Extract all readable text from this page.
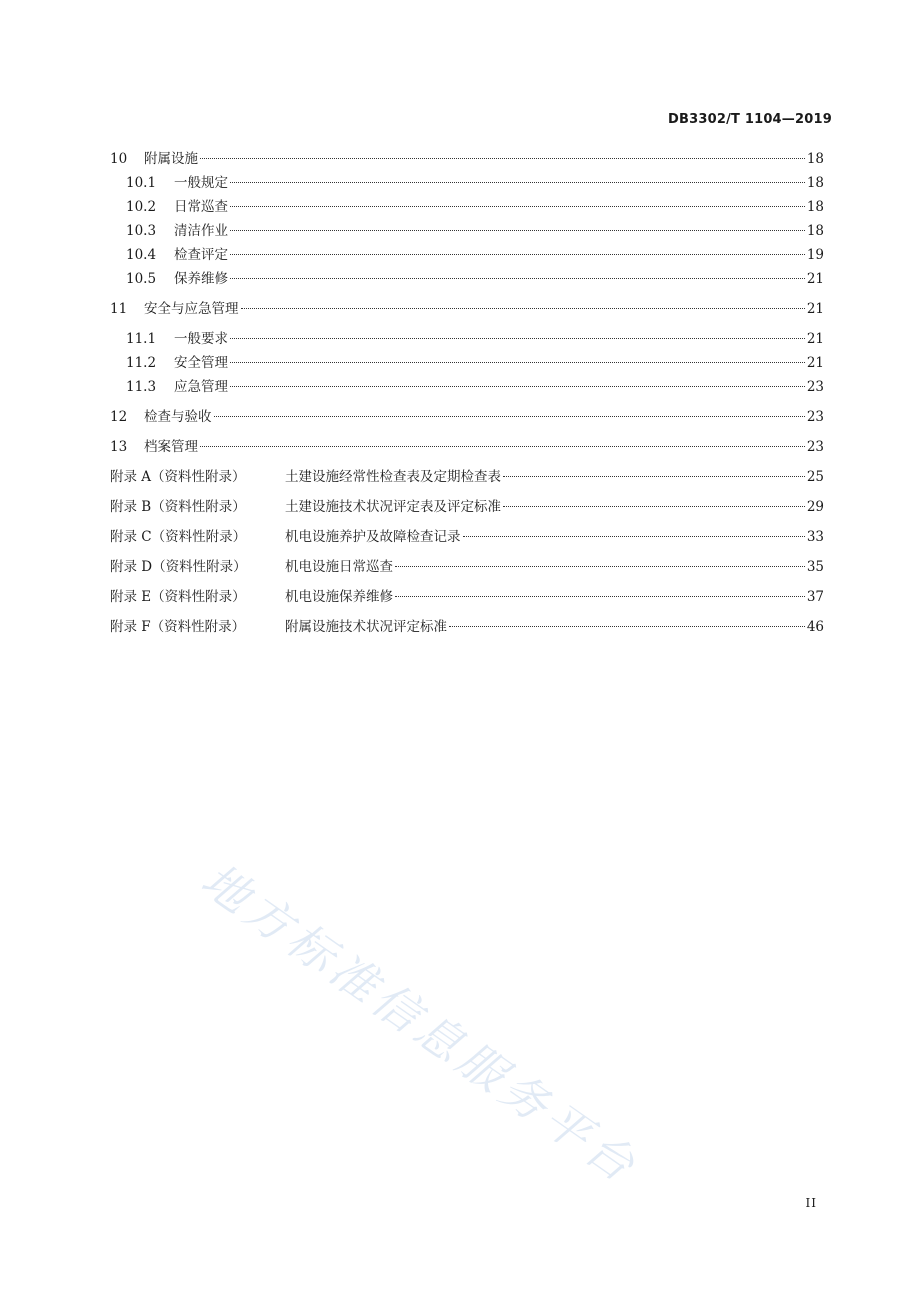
DB3302/T 1104—2019
10	附属设施	18
10.1	一般规定	18
10.2	日常巡查	18
10.3	清洁作业	18
10.4	检查评定	19
10.5	保养维修	21
11	安全与应急管理	21
11.1	一般要求	21
11.2	安全管理	21
11.3	应急管理	23
12	检查与验收	23
13	档案管理	23
附录 A（资料性附录）	土建设施经常性检查表及定期检查表	25
附录 B（资料性附录）	土建设施技术状况评定表及评定标准	29
附录 C（资料性附录）	机电设施养护及故障检查记录	33
附录 D（资料性附录）	机电设施日常巡查	35
附录 E（资料性附录）	机电设施保养维修	37
附录 F（资料性附录）	附属设施技术状况评定标准	46
地方标准信息服务平台
II
